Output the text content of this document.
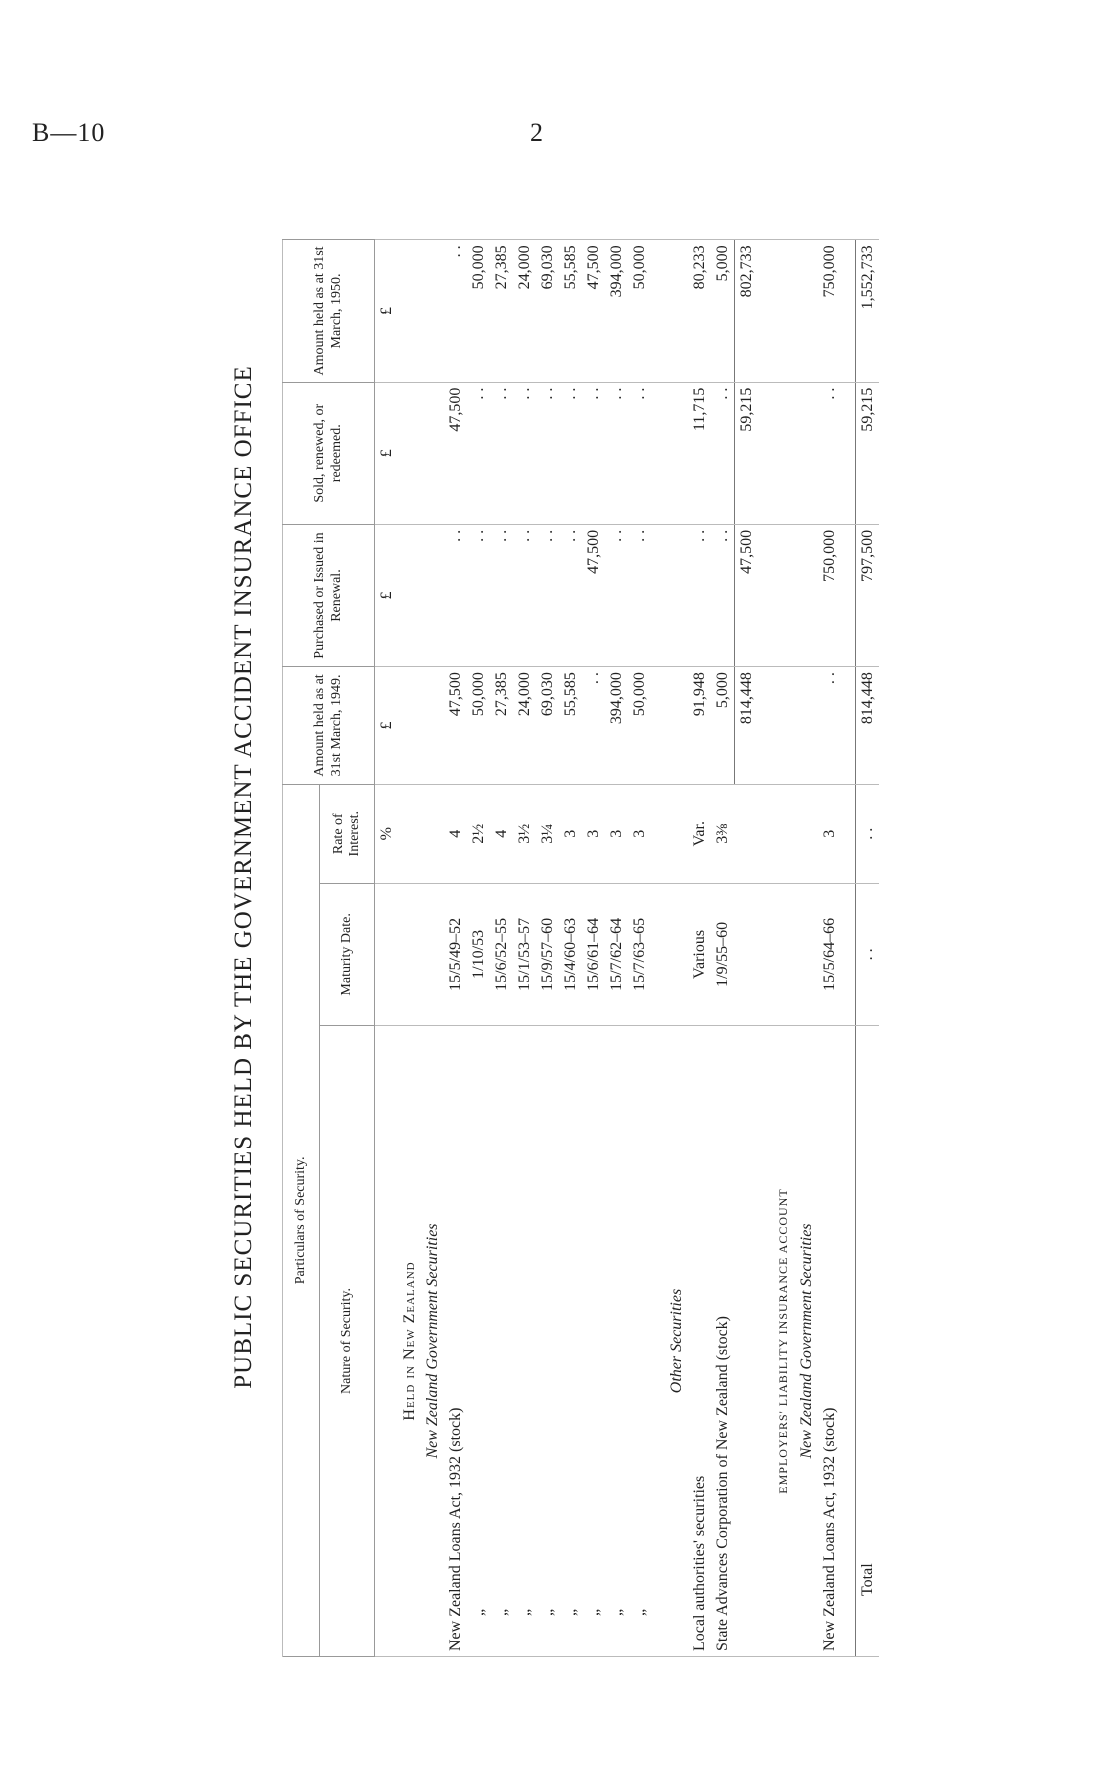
B—10	2
PUBLIC SECURITIES HELD BY THE GOVERNMENT ACCIDENT INSURANCE OFFICE	Particulars of Security.			Amount held as at 31st March, 1949.	Purchased or Issued in Renewal.	Sold, renewed, or redeemed.	Amount held as at 31st March, 1950.
Nature of Security.	Maturity Date.	Rate of Interest.				
		%	£	£	£	£
Held in New Zealand						
New Zealand Government Securities						
New Zealand Loans Act, 1932 (stock)	15/5/49–52	4	47,500	. .	47,500	. .
„	1/10/53	2½	50,000	. .	. .	50,000
„	15/6/52–55	4	27,385	. .	. .	27,385
„	15/1/53–57	3½	24,000	. .	. .	24,000
„	15/9/57–60	3¼	69,030	. .	. .	69,030
„	15/4/60–63	3	55,585	. .	. .	55,585
„	15/6/61–64	3	. .	47,500	. .	47,500
„	15/7/62–64	3	394,000	. .	. .	394,000
„	15/7/63–65	3	50,000	. .	. .	50,000

Other Securities						
Local authorities' securities	Various	Var.	91,948	. .	11,715	80,233
State Advances Corporation of New Zealand (stock)	1/9/55–60	3⅜	5,000	. .	. .	5,000
			814,448	47,500	59,215	802,733

EMPLOYERS' LIABILITY INSURANCE ACCOUNT						
New Zealand Government Securities						
New Zealand Loans Act, 1932 (stock)	15/5/64–66	3	. .	750,000	. .	750,000

Total	. .	. .	814,448	797,500	59,215	1,552,733
